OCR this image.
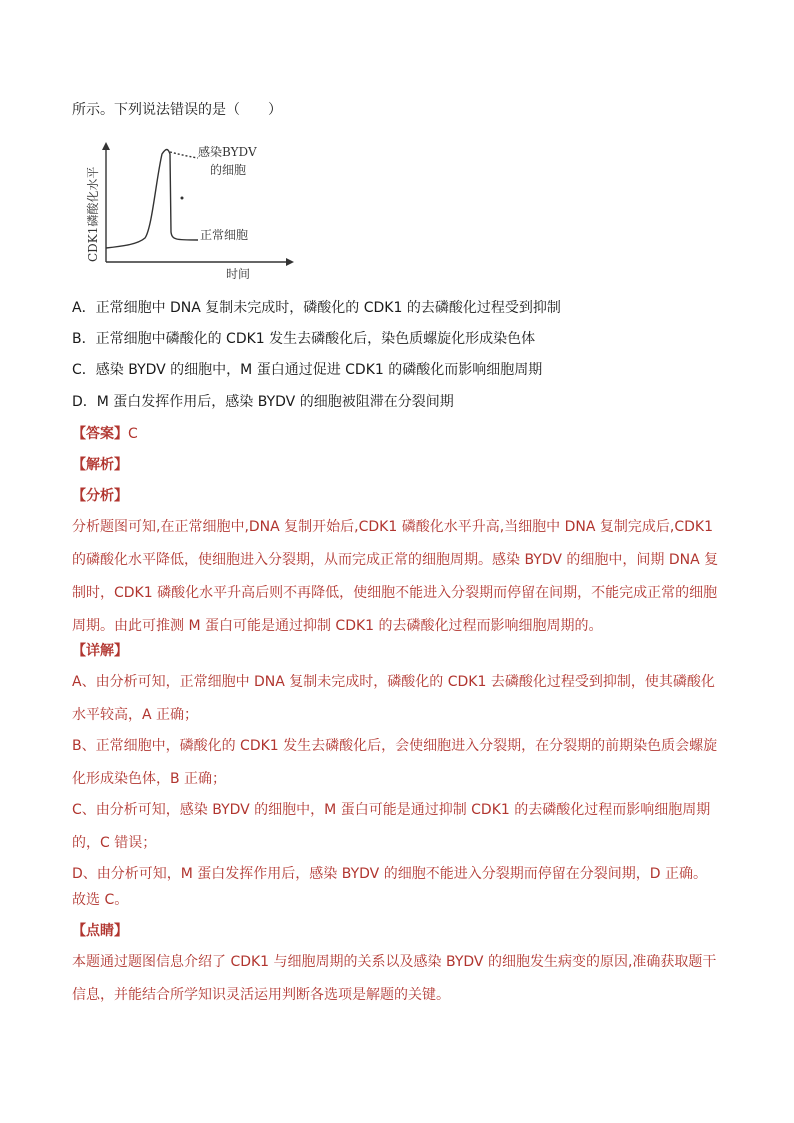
所示。下列说法错误的是（　　）
CDK1磷酸化水平
时间
感染BYDV
的细胞
正常细胞
A．正常细胞中 DNA 复制未完成时，磷酸化的 CDK1 的去磷酸化过程受到抑制
B．正常细胞中磷酸化的 CDK1 发生去磷酸化后，染色质螺旋化形成染色体
C．感染 BYDV 的细胞中，M 蛋白通过促进 CDK1 的磷酸化而影响细胞周期
D．M 蛋白发挥作用后，感染 BYDV 的细胞被阻滞在分裂间期
【答案】C
【解析】
【分析】
分析题图可知,在正常细胞中,DNA 复制开始后,CDK1 磷酸化水平升高,当细胞中 DNA 复制完成后,CDK1 的磷酸化水平降低，使细胞进入分裂期，从而完成正常的细胞周期。感染 BYDV 的细胞中，间期 DNA 复制时，CDK1 磷酸化水平升高后则不再降低，使细胞不能进入分裂期而停留在间期，不能完成正常的细胞周期。由此可推测 M 蛋白可能是通过抑制 CDK1 的去磷酸化过程而影响细胞周期的。
【详解】
A、由分析可知，正常细胞中 DNA 复制未完成时，磷酸化的 CDK1 去磷酸化过程受到抑制，使其磷酸化水平较高，A 正确；
B、正常细胞中，磷酸化的 CDK1 发生去磷酸化后，会使细胞进入分裂期，在分裂期的前期染色质会螺旋化形成染色体，B 正确；
C、由分析可知，感染 BYDV 的细胞中，M 蛋白可能是通过抑制 CDK1 的去磷酸化过程而影响细胞周期的，C 错误；
D、由分析可知，M 蛋白发挥作用后，感染 BYDV 的细胞不能进入分裂期而停留在分裂间期，D 正确。
故选 C。
【点睛】
本题通过题图信息介绍了 CDK1 与细胞周期的关系以及感染 BYDV 的细胞发生病变的原因,准确获取题干信息，并能结合所学知识灵活运用判断各选项是解题的关键。
